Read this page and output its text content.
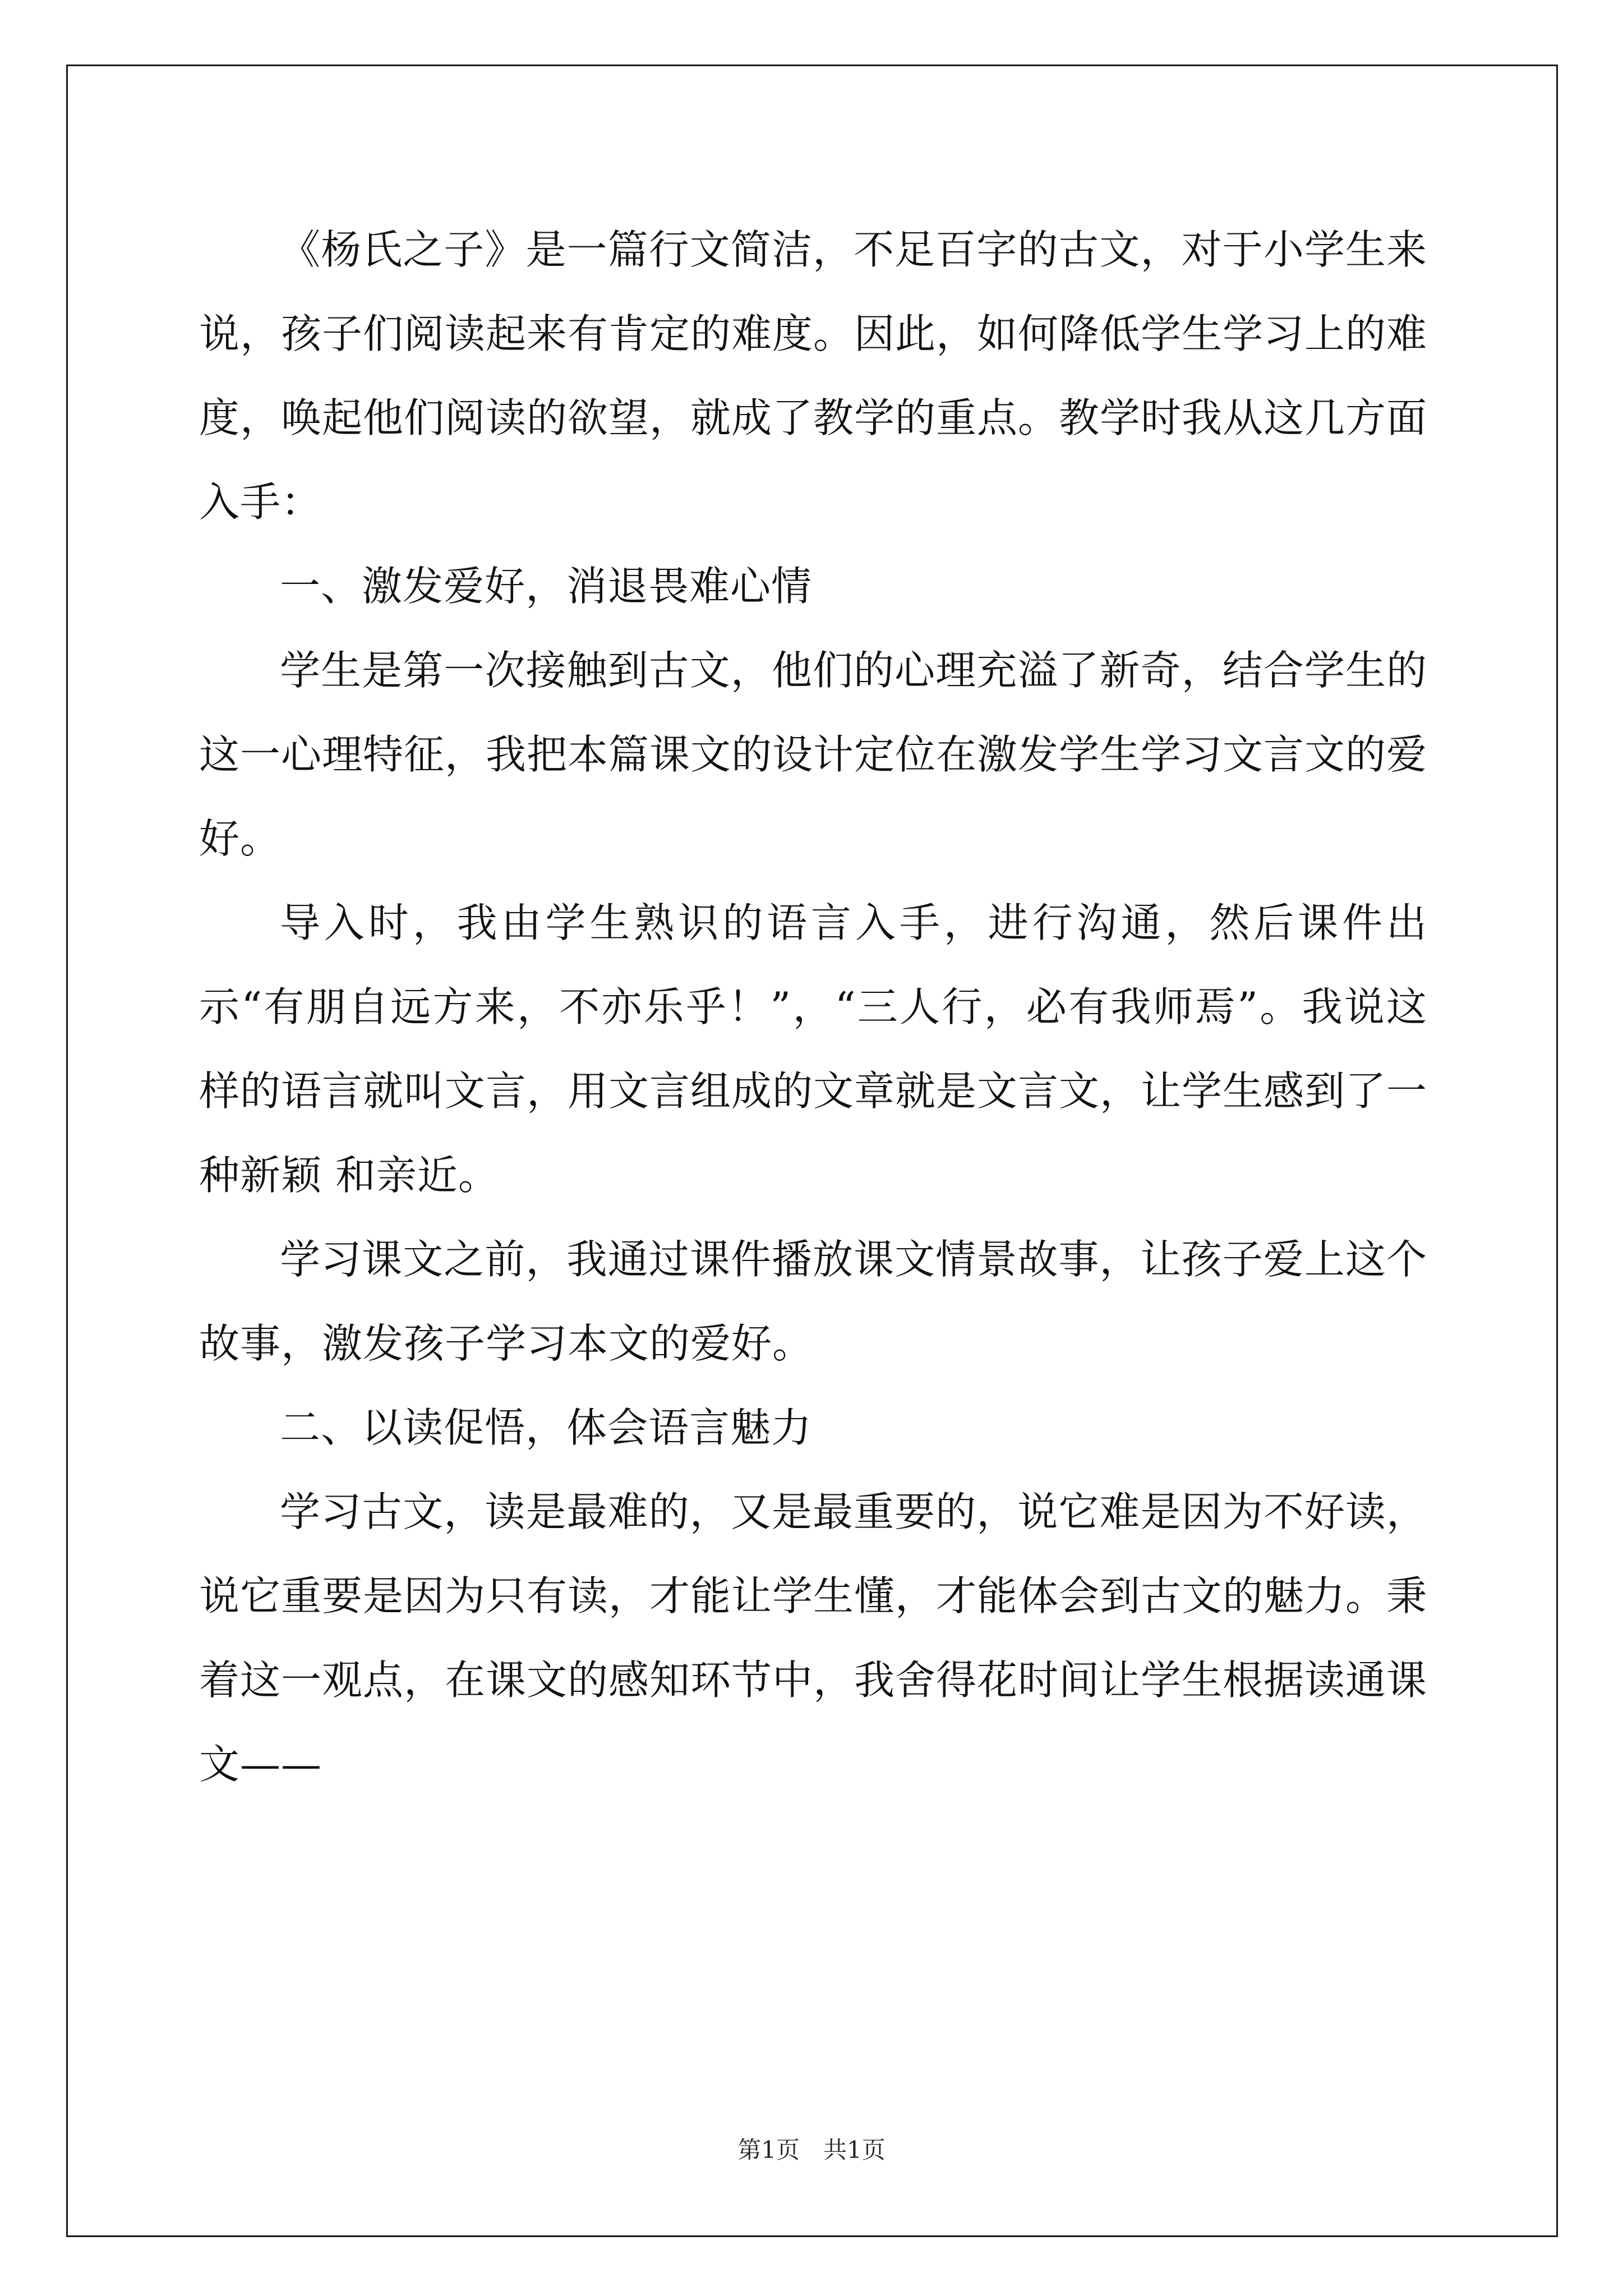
《杨氏之子》是一篇行文简洁，不足百字的古文，对于小学生来说，孩子们阅读起来有肯定的难度。因此，如何降低学生学习上的难度，唤起他们阅读的欲望，就成了教学的重点。教学时我从这几方面入手：

一、激发爱好，消退畏难心情

学生是第一次接触到古文，他们的心理充溢了新奇，结合学生的这一心理特征，我把本篇课文的设计定位在激发学生学习文言文的爱好。

导入时，我由学生熟识的语言入手，进行沟通，然后课件出示“有朋自远方来，不亦乐乎！”，“三人行，必有我师焉”。我说这样的语言就叫文言，用文言组成的文章就是文言文，让学生感到了一种新颖 和亲近。

学习课文之前，我通过课件播放课文情景故事，让孩子爱上这个故事，激发孩子学习本文的爱好。

二、以读促悟，体会语言魅力

学习古文，读是最难的，又是最重要的，说它难是因为不好读，说它重要是因为只有读，才能让学生懂，才能体会到古文的魅力。秉着这一观点，在课文的感知环节中，我舍得花时间让学生根据读通课文——

第1页　共1页
